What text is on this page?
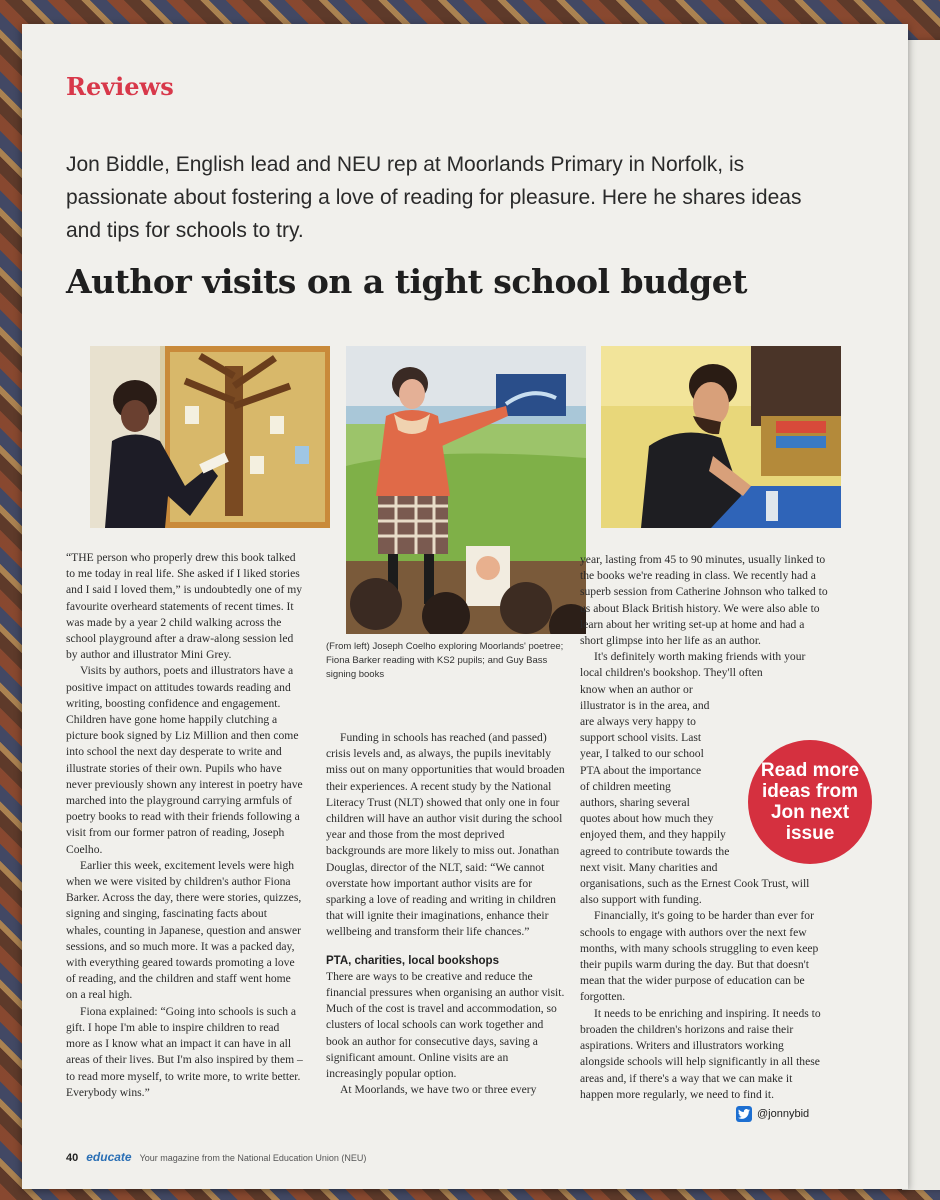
Reviews
Jon Biddle, English lead and NEU rep at Moorlands Primary in Norfolk, is passionate about fostering a love of reading for pleasure. Here he shares ideas and tips for schools to try.
Author visits on a tight school budget
(From left) Joseph Coelho exploring Moorlands' poetree; Fiona Barker reading with KS2 pupils; and Guy Bass signing books

“THE person who properly drew this book talked to me today in real life. She asked if I liked stories and I said I loved them,” is undoubtedly one of my favourite overheard statements of recent times. It was made by a year 2 child walking across the school playground after a draw-along session led by author and illustrator Mini Grey.

Visits by authors, poets and illustrators have a positive impact on attitudes towards reading and writing, boosting confidence and engagement. Children have gone home happily clutching a picture book signed by Liz Million and then come into school the next day desperate to write and illustrate stories of their own. Pupils who have never previously shown any interest in poetry have marched into the playground carrying armfuls of poetry books to read with their friends following a visit from our former patron of reading, Joseph Coelho.

Earlier this week, excitement levels were high when we were visited by children's author Fiona Barker. Across the day, there were stories, quizzes, signing and singing, fascinating facts about whales, counting in Japanese, question and answer sessions, and so much more. It was a packed day, with everything geared towards promoting a love of reading, and the children and staff went home on a real high.

Fiona explained: “Going into schools is such a gift. I hope I'm able to inspire children to read more as I know what an impact it can have in all areas of their lives. But I'm also inspired by them – to read more myself, to write more, to write better. Everybody wins.”

Funding in schools has reached (and passed) crisis levels and, as always, the pupils inevitably miss out on many opportunities that would broaden their experiences. A recent study by the National Literacy Trust (NLT) showed that only one in four children will have an author visit during the school year and those from the most deprived backgrounds are more likely to miss out. Jonathan Douglas, director of the NLT, said: “We cannot overstate how important author visits are for sparking a love of reading and writing in children that will ignite their imaginations, enhance their wellbeing and transform their life chances.”

PTA, charities, local bookshops

There are ways to be creative and reduce the financial pressures when organising an author visit. Much of the cost is travel and accommodation, so clusters of local schools can work together and book an author for consecutive days, saving a significant amount. Online visits are an increasingly popular option.

At Moorlands, we have two or three every

year, lasting from 45 to 90 minutes, usually linked to the books we're reading in class. We recently had a superb session from Catherine Johnson who talked to us about Black British history. We were also able to learn about her writing set-up at home and had a short glimpse into her life as an author.

It's definitely worth making friends with your local children's bookshop. They'll often know when an author or illustrator is in the area, and are always very happy to support school visits. Last year, I talked to our school PTA about the importance of children meeting authors, sharing several quotes about how much they enjoyed them, and they happily agreed to contribute towards the next visit. Many charities and organisations, such as the Ernest Cook Trust, will also support with funding.

Financially, it's going to be harder than ever for schools to engage with authors over the next few months, with many schools struggling to even keep their pupils warm during the day. But that doesn't mean that the wider purpose of education can be forgotten.

It needs to be enriching and inspiring. It needs to broaden the children's horizons and raise their aspirations. Writers and illustrators working alongside schools will help significantly in all these areas and, if there's a way that we can make it happen more regularly, we need to find it.

Read more ideas from Jon next issue
@jonnybid
40 educate Your magazine from the National Education Union (NEU)
